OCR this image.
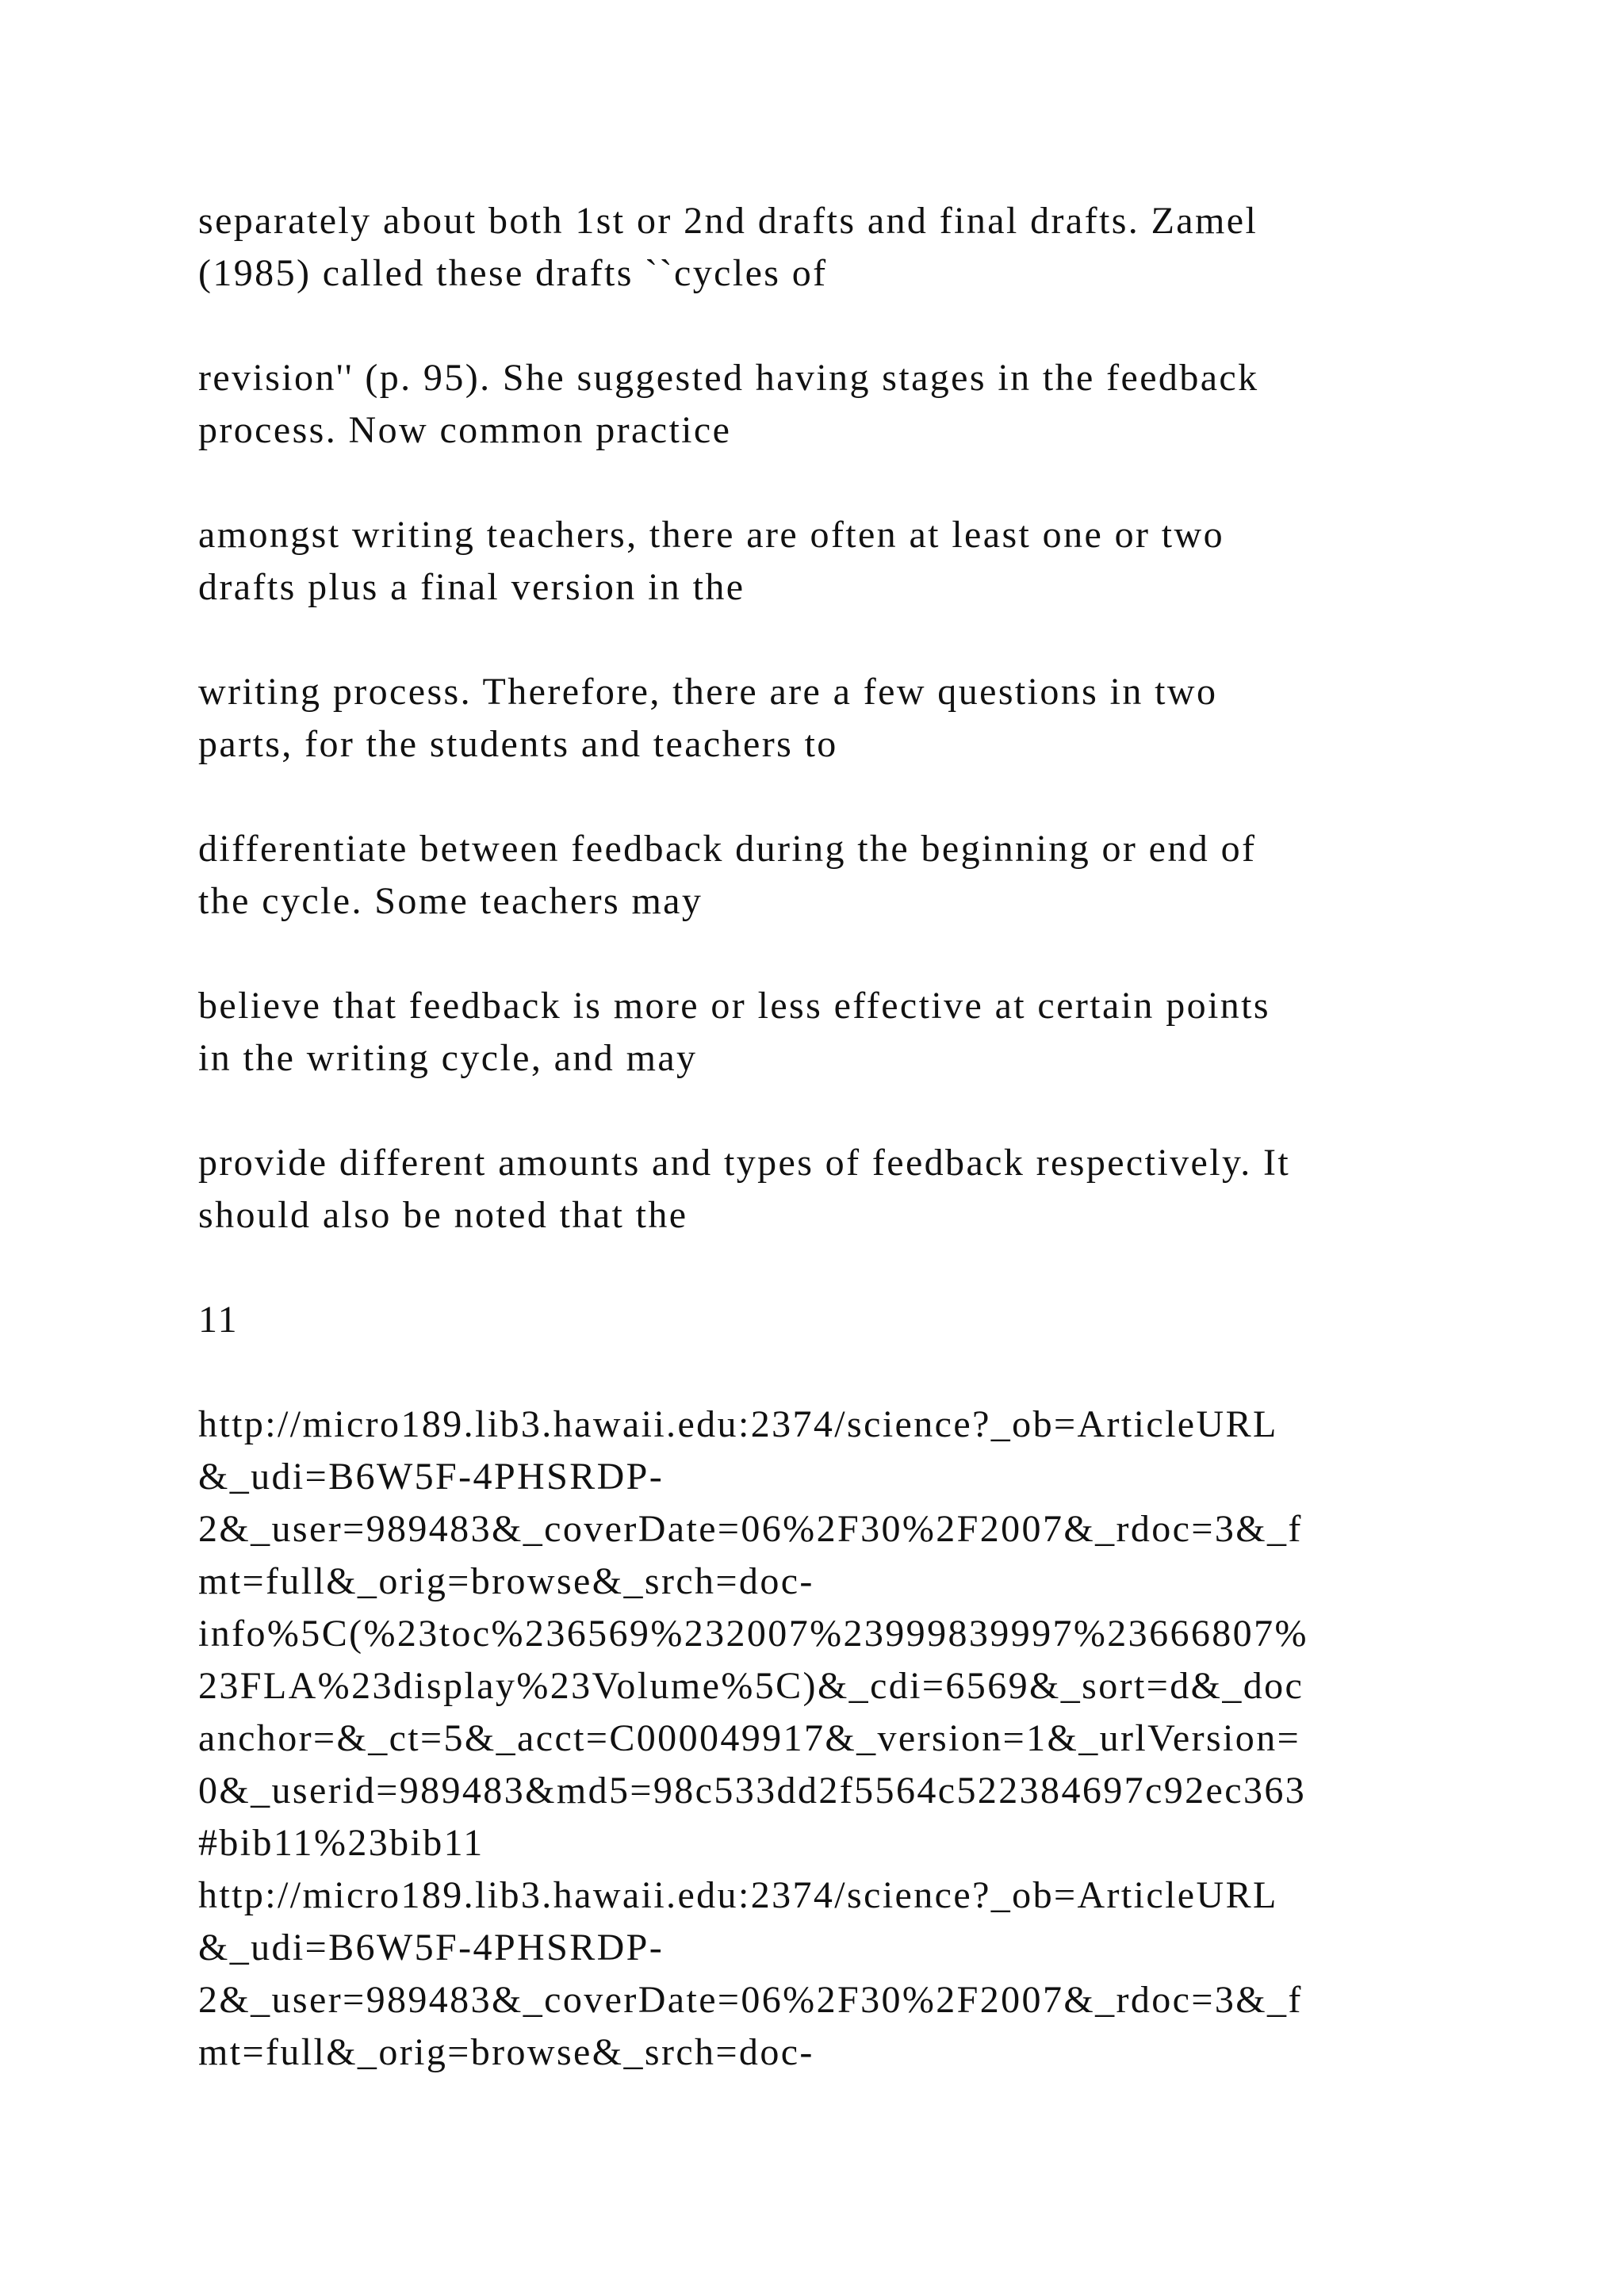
separately about both 1st or 2nd drafts and final drafts. Zamel
(1985) called these drafts ``cycles of

revision'' (p. 95). She suggested having stages in the feedback
process. Now common practice

amongst writing teachers, there are often at least one or two
drafts plus a final version in the

writing process. Therefore, there are a few questions in two
parts, for the students and teachers to

differentiate between feedback during the beginning or end of
the cycle. Some teachers may

believe that feedback is more or less effective at certain points
in the writing cycle, and may

provide different amounts and types of feedback respectively. It
should also be noted that the

11

http://micro189.lib3.hawaii.edu:2374/science?_ob=ArticleURL
&_udi=B6W5F-4PHSRDP-
2&_user=989483&_coverDate=06%2F30%2F2007&_rdoc=3&_f
mt=full&_orig=browse&_srch=doc-
info%5C(%23toc%236569%232007%23999839997%23666807%
23FLA%23display%23Volume%5C)&_cdi=6569&_sort=d&_doc
anchor=&_ct=5&_acct=C000049917&_version=1&_urlVersion=
0&_userid=989483&md5=98c533dd2f5564c522384697c92ec363
#bib11%23bib11
http://micro189.lib3.hawaii.edu:2374/science?_ob=ArticleURL
&_udi=B6W5F-4PHSRDP-
2&_user=989483&_coverDate=06%2F30%2F2007&_rdoc=3&_f
mt=full&_orig=browse&_srch=doc-
